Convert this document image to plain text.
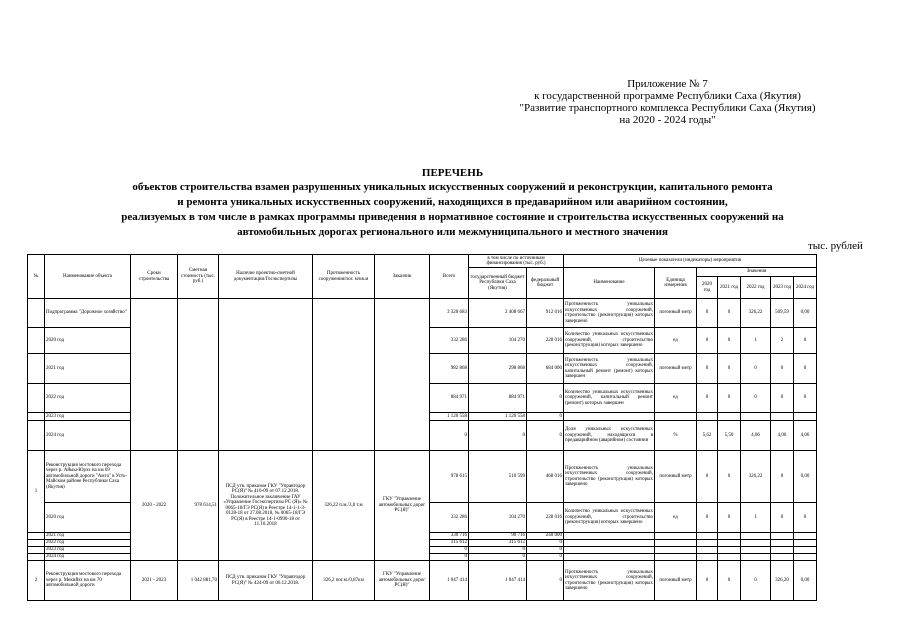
Приложение № 7
к государственной программе Республики Саха (Якутия)
"Развитие транспортного комплекса Республики Саха (Якутия)
на 2020 - 2024 годы"
ПЕРЕЧЕНЬ
объектов строительства взамен разрушенных уникальных искусственных сооружений и реконструкции, капитального ремонта
и ремонта уникальных искусственных сооружений, находящихся в предаварийном или аварийном состоянии,
реализуемых в том числе в рамках программы приведения в нормативное состояние и строительства искусственных сооружений на
автомобильных дорогах регионального или межмуниципального и местного значения
тыс. рублей
№	Наименование объекта	Сроки строительства	Сметная стоимость (тыс. руб.)	Наличие проектно-сметной документации/Госэкспертизы	Протяженность сооружения/пог. м/кв.м	Заказчик	Всего	в том числе по источникам финансирования (тыс. руб.)		Целевые показатели (индикаторы) мероприятия						
								государственный бюджет Республики Саха (Якутия)	федеральный бюджет	Наименование	Единица измерения	Значения				
												2020 год	2021 год	2022 год	2023 год	2024 год
	Подпрограмма "Дорожное хозяйство"						3 320 683	2 408 667	912 016	Протяженность уникальных искусственных сооружений, строительство (реконструкция) которых завершено	погонный метр	0	0	326,22	509,59	0,00
	2020 год						332 286	104 270	228 016	Количество уникальных искусственных сооружений, строительство (реконструкция) которых завершено	ед	0	0	1	2	0
	2021 год						982 868	298 868	684 000	Протяженность уникальных искусственных сооружений, капитальный ремонт (ремонт) которых завершен	погонный метр	0	0	0	0	0
	2022 год						884 971	884 971	0	Количество уникальных искусственных сооружений, капитальный ремонт (ремонт) которых завершен	ед	0	0	0	0	0
	2023 год						1 120 558	1 120 558	0							
	2024 год						0	0	0	Доля уникальных искусственных сооружений, находящихся в предаварийном (аварийном) состоянии	%	5,62	5,50	4,06	4,06	4,06
1	Реконструкция мостового перехода через р. Айыы-Юрэх на км 69 автомобильной дороги "Амга" в Усть-Майском районе Республики Саха (Якутия)	2020 - 2022	978 614,51	ПСД утв. приказом ГКУ "Управтодор РС(Я)" № 410-09 от 07.12.2018. Положительное заключение ГАУ «Управление Госэкспертизы РС (Я)» № 0065-18/ГЭ РС(Я) в Реестре 14-1-1-3-0128-18 от 27.08.2018, № 0065-18/ГЭ РС(Я) в Реестре 14-1-0990-18 от 11.10.2018	326,22 п.м./3,0 т.м	ГКУ "Управление автомобильных дорог РС(Я)"	978 615	510 599	468 016	Протяженность уникальных искусственных сооружений, строительство (реконструкция) которых завершено	погонный метр	0	0	326,22	0	0,00
	2020 год						332 286	104 270	228 016	Количество уникальных искусственных сооружений, строительство (реконструкция) которых завершено	ед	0	0	1	0	0
	2021 год						330 716	90 716	240 000							
	2022 год						315 612	315 612	0							
	2023 год						0	0	0							
	2024 год						0	0	0							
2	Реконструкция мостового перехода через р. Мекийэх на км 70 автомобильной дороги	2021 - 2023	1 042 881,70	ПСД утв. приказом ГКУ "Управтодор РС(Я)" № 424-09 от 06.12.2018.	326,2 пог.м./0,87км	ГКУ "Управление автомобильных дорог РС(Я)"	1 047 414	1 047 414	0	Протяженность уникальных искусственных сооружений, строительство (реконструкция) которых завершено	погонный метр	0	0	0	326,20	0,00
